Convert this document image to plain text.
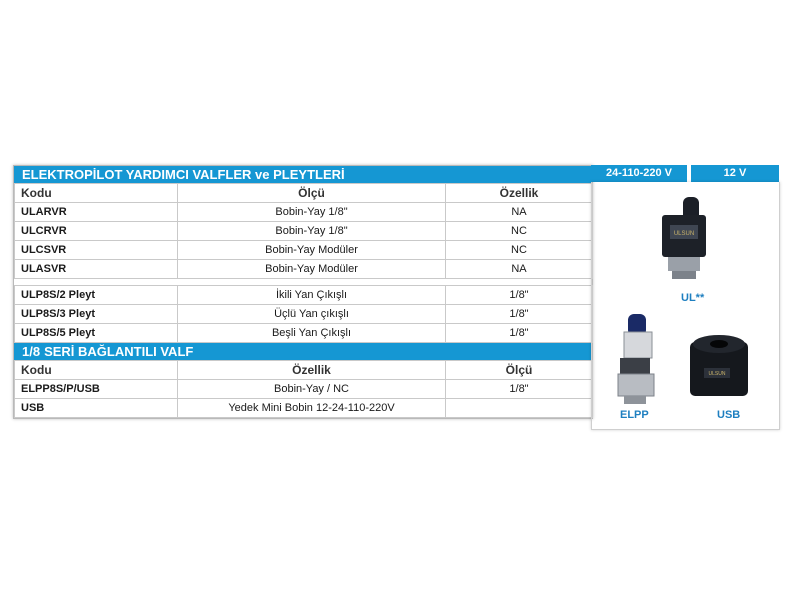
ELEKTROPİLOT YARDIMCI VALFLER ve PLEYTLERİ
Kodu	Ölçü	Özellik
ULARVR	Bobin-Yay 1/8"	NA
ULCRVR	Bobin-Yay 1/8"	NC
ULCSVR	Bobin-Yay Modüler	NC
ULASVR	Bobin-Yay Modüler	NA
ULP8S/2 Pleyt	İkili Yan Çıkışlı	1/8"
ULP8S/3 Pleyt	Üçlü Yan çıkışlı	1/8"
ULP8S/5 Pleyt	Beşli Yan Çıkışlı	1/8"
1/8 SERİ BAĞLANTILI VALF
Kodu	Özellik	Ölçü
ELPP8S/P/USB	Bobin-Yay / NC	1/8"
USB	Yedek Mini Bobin 12-24-110-220V	
24-110-220 V	12 V
ULSUN
UL**
ELPP
ULSUN
USB
